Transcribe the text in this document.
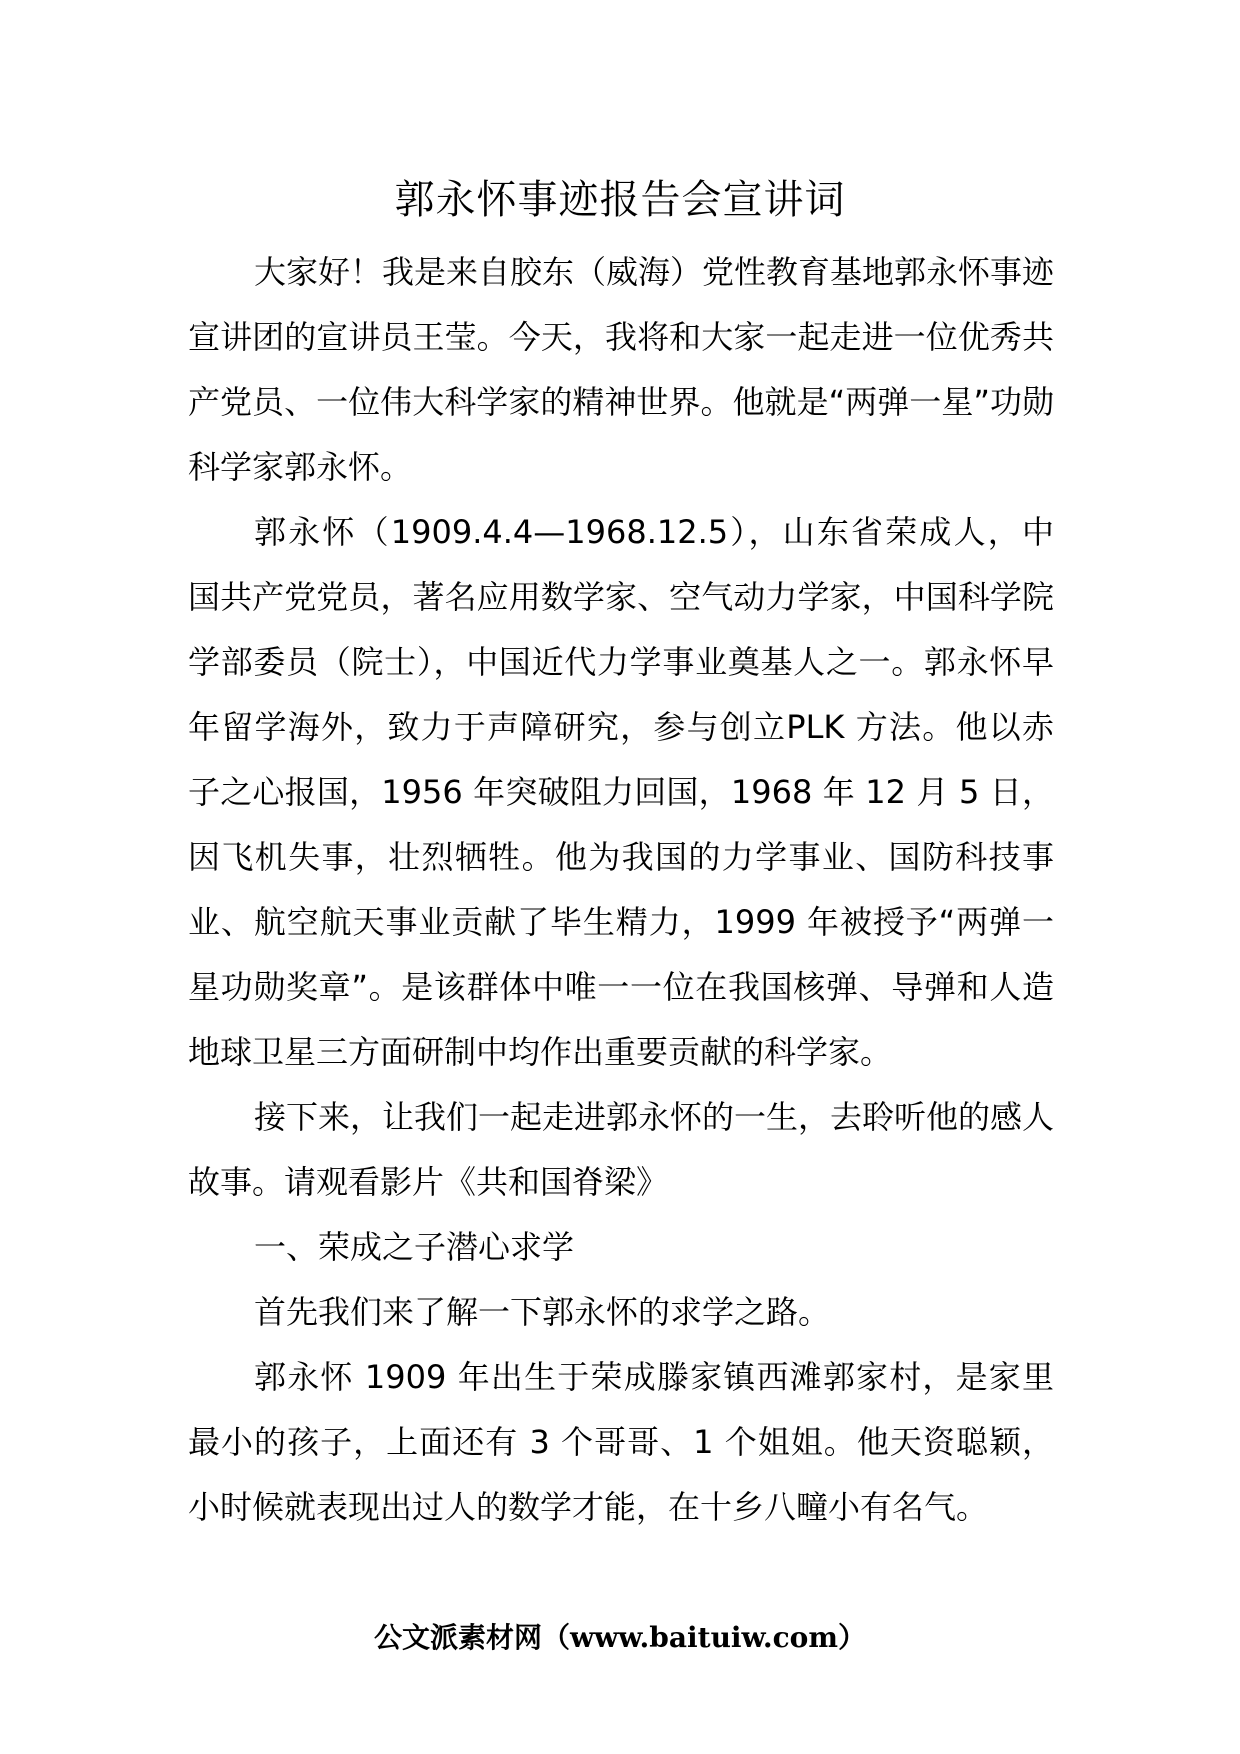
郭永怀事迹报告会宣讲词

大家好！我是来自胶东（威海）党性教育基地郭永怀事迹宣讲团的宣讲员王莹。今天，我将和大家一起走进一位优秀共产党员、一位伟大科学家的精神世界。他就是“两弹一星”功勋科学家郭永怀。

郭永怀（1909.4.4—1968.12.5），山东省荣成人，中国共产党党员，著名应用数学家、空气动力学家，中国科学院学部委员（院士），中国近代力学事业奠基人之一。郭永怀早年留学海外，致力于声障研究，参与创立PLK 方法。他以赤子之心报国，1956 年突破阻力回国，1968 年 12 月 5 日，因飞机失事，壮烈牺牲。他为我国的力学事业、国防科技事业、航空航天事业贡献了毕生精力，1999 年被授予“两弹一星功勋奖章”。是该群体中唯一一位在我国核弹、导弹和人造地球卫星三方面研制中均作出重要贡献的科学家。

接下来，让我们一起走进郭永怀的一生，去聆听他的感人故事。请观看影片《共和国脊梁》

一、荣成之子潜心求学

首先我们来了解一下郭永怀的求学之路。

郭永怀 1909 年出生于荣成滕家镇西滩郭家村，是家里最小的孩子，上面还有 3 个哥哥、1 个姐姐。他天资聪颖，小时候就表现出过人的数学才能，在十乡八疃小有名气。

公文派素材网（www.baituiw.com）
